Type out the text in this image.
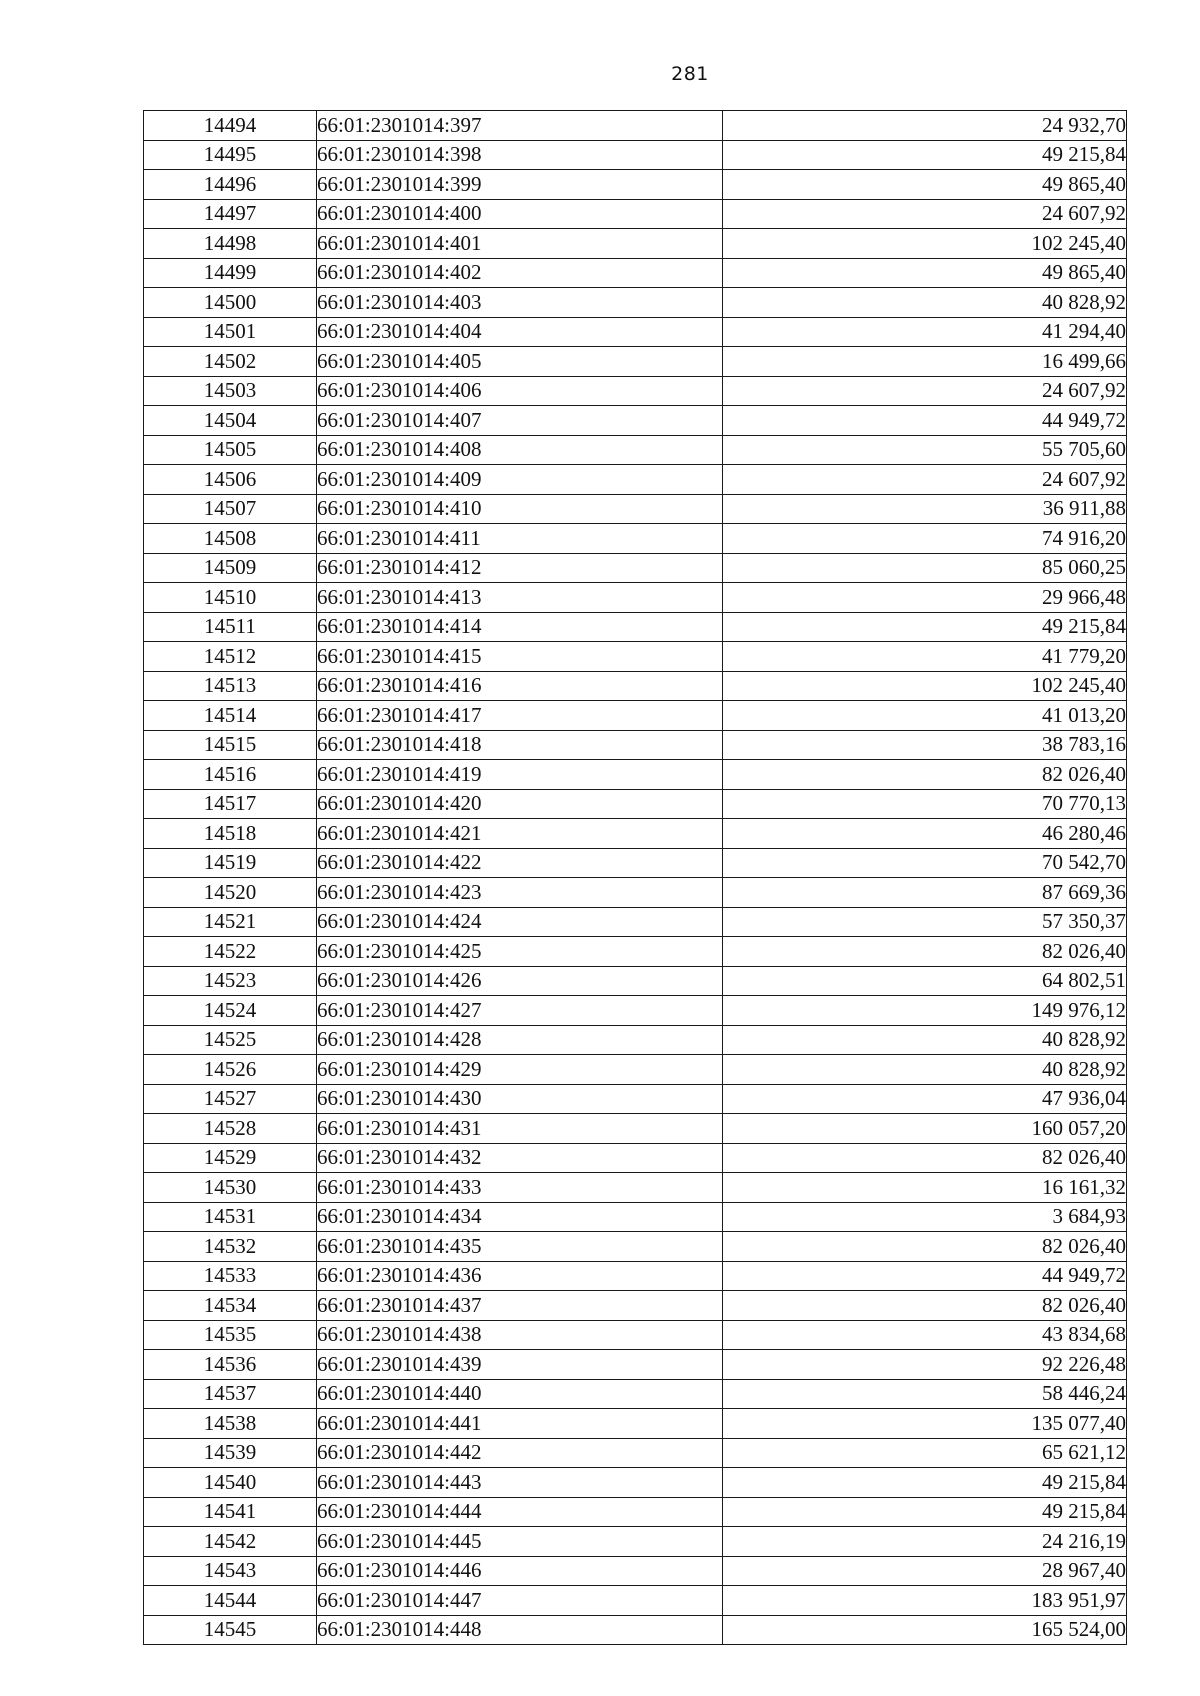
281
14494	66:01:2301014:397	24 932,70
14495	66:01:2301014:398	49 215,84
14496	66:01:2301014:399	49 865,40
14497	66:01:2301014:400	24 607,92
14498	66:01:2301014:401	102 245,40
14499	66:01:2301014:402	49 865,40
14500	66:01:2301014:403	40 828,92
14501	66:01:2301014:404	41 294,40
14502	66:01:2301014:405	16 499,66
14503	66:01:2301014:406	24 607,92
14504	66:01:2301014:407	44 949,72
14505	66:01:2301014:408	55 705,60
14506	66:01:2301014:409	24 607,92
14507	66:01:2301014:410	36 911,88
14508	66:01:2301014:411	74 916,20
14509	66:01:2301014:412	85 060,25
14510	66:01:2301014:413	29 966,48
14511	66:01:2301014:414	49 215,84
14512	66:01:2301014:415	41 779,20
14513	66:01:2301014:416	102 245,40
14514	66:01:2301014:417	41 013,20
14515	66:01:2301014:418	38 783,16
14516	66:01:2301014:419	82 026,40
14517	66:01:2301014:420	70 770,13
14518	66:01:2301014:421	46 280,46
14519	66:01:2301014:422	70 542,70
14520	66:01:2301014:423	87 669,36
14521	66:01:2301014:424	57 350,37
14522	66:01:2301014:425	82 026,40
14523	66:01:2301014:426	64 802,51
14524	66:01:2301014:427	149 976,12
14525	66:01:2301014:428	40 828,92
14526	66:01:2301014:429	40 828,92
14527	66:01:2301014:430	47 936,04
14528	66:01:2301014:431	160 057,20
14529	66:01:2301014:432	82 026,40
14530	66:01:2301014:433	16 161,32
14531	66:01:2301014:434	3 684,93
14532	66:01:2301014:435	82 026,40
14533	66:01:2301014:436	44 949,72
14534	66:01:2301014:437	82 026,40
14535	66:01:2301014:438	43 834,68
14536	66:01:2301014:439	92 226,48
14537	66:01:2301014:440	58 446,24
14538	66:01:2301014:441	135 077,40
14539	66:01:2301014:442	65 621,12
14540	66:01:2301014:443	49 215,84
14541	66:01:2301014:444	49 215,84
14542	66:01:2301014:445	24 216,19
14543	66:01:2301014:446	28 967,40
14544	66:01:2301014:447	183 951,97
14545	66:01:2301014:448	165 524,00
